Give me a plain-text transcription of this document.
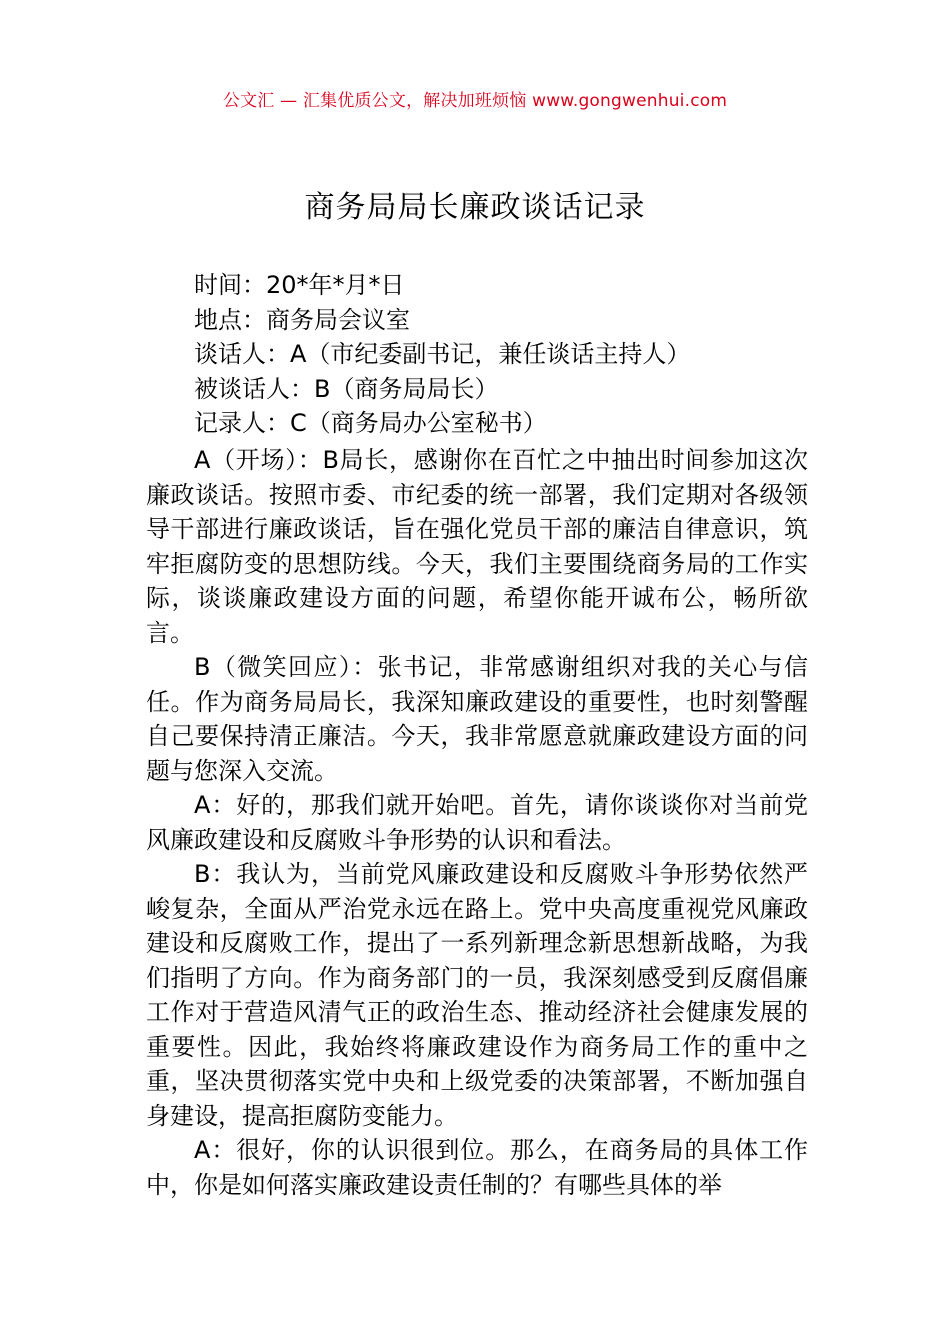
公文汇 — 汇集优质公文，解决加班烦恼 www.gongwenhui.com
商务局局长廉政谈话记录
时间：20*年*月*日
地点：商务局会议室
谈话人：A（市纪委副书记，兼任谈话主持人）
被谈话人：B（商务局局长）
记录人：C（商务局办公室秘书）

A（开场）：B局长，感谢你在百忙之中抽出时间参加这次廉政谈话。按照市委、市纪委的统一部署，我们定期对各级领导干部进行廉政谈话，旨在强化党员干部的廉洁自律意识，筑牢拒腐防变的思想防线。今天，我们主要围绕商务局的工作实际，谈谈廉政建设方面的问题，希望你能开诚布公，畅所欲言。

B（微笑回应）：张书记，非常感谢组织对我的关心与信任。作为商务局局长，我深知廉政建设的重要性，也时刻警醒自己要保持清正廉洁。今天，我非常愿意就廉政建设方面的问题与您深入交流。

A：好的，那我们就开始吧。首先，请你谈谈你对当前党风廉政建设和反腐败斗争形势的认识和看法。

B：我认为，当前党风廉政建设和反腐败斗争形势依然严峻复杂，全面从严治党永远在路上。党中央高度重视党风廉政建设和反腐败工作，提出了一系列新理念新思想新战略，为我们指明了方向。作为商务部门的一员，我深刻感受到反腐倡廉工作对于营造风清气正的政治生态、推动经济社会健康发展的重要性。因此，我始终将廉政建设作为商务局工作的重中之重，坚决贯彻落实党中央和上级党委的决策部署，不断加强自身建设，提高拒腐防变能力。

A：很好，你的认识很到位。那么，在商务局的具体工作中，你是如何落实廉政建设责任制的？有哪些具体的举
